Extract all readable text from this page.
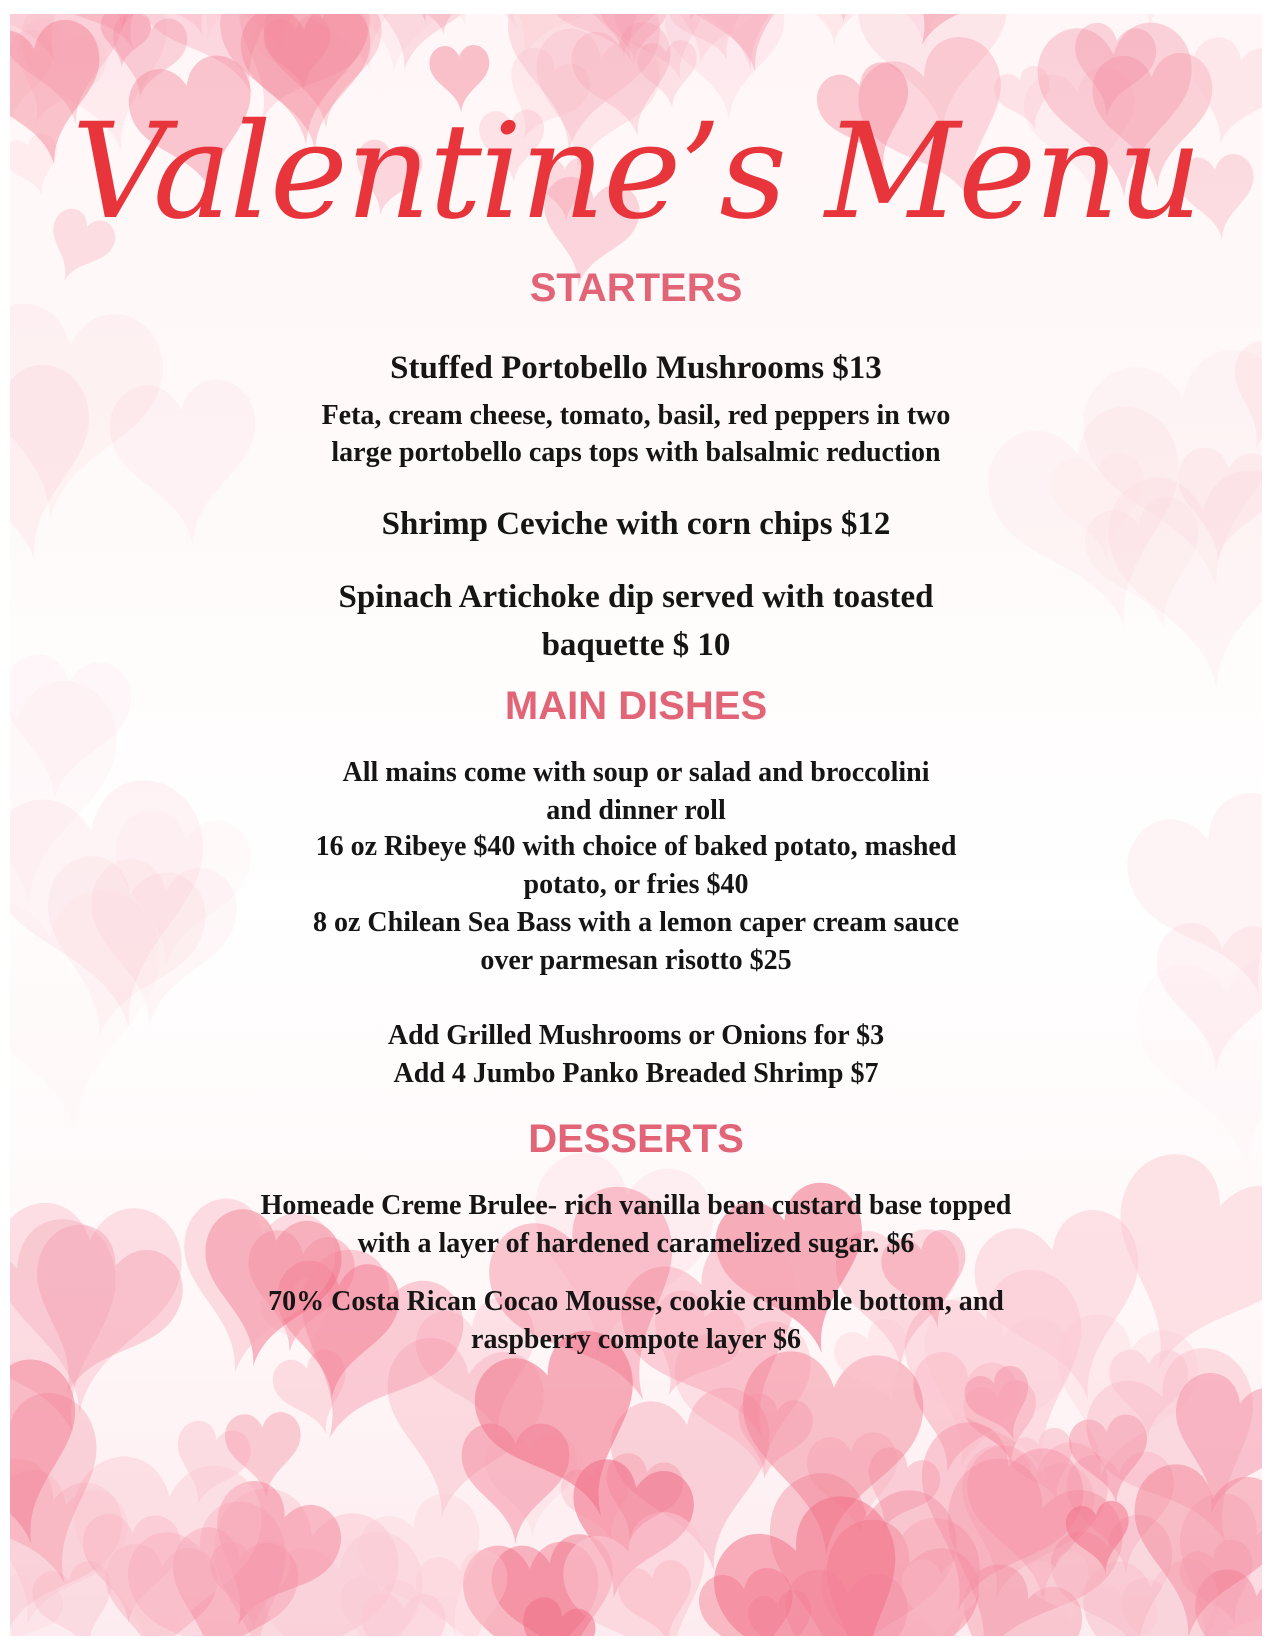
Valentine’s Menu
STARTERS
Stuffed Portobello Mushrooms $13
Feta, cream cheese, tomato, basil, red peppers in two
large portobello caps tops with balsalmic reduction
Shrimp Ceviche with corn chips $12
Spinach Artichoke dip served with toasted
baquette $ 10
MAIN DISHES
All mains come with soup or salad and broccolini
and dinner roll
16 oz Ribeye $40 with choice of baked potato, mashed
potato, or fries $40
8 oz Chilean Sea Bass with a lemon caper cream sauce
over parmesan risotto $25
Add Grilled Mushrooms or Onions for $3
Add 4 Jumbo Panko Breaded Shrimp $7
DESSERTS
Homeade Creme Brulee- rich vanilla bean custard base topped
with a layer of hardened caramelized sugar. $6
70% Costa Rican Cocao Mousse, cookie crumble bottom, and
raspberry compote layer $6
